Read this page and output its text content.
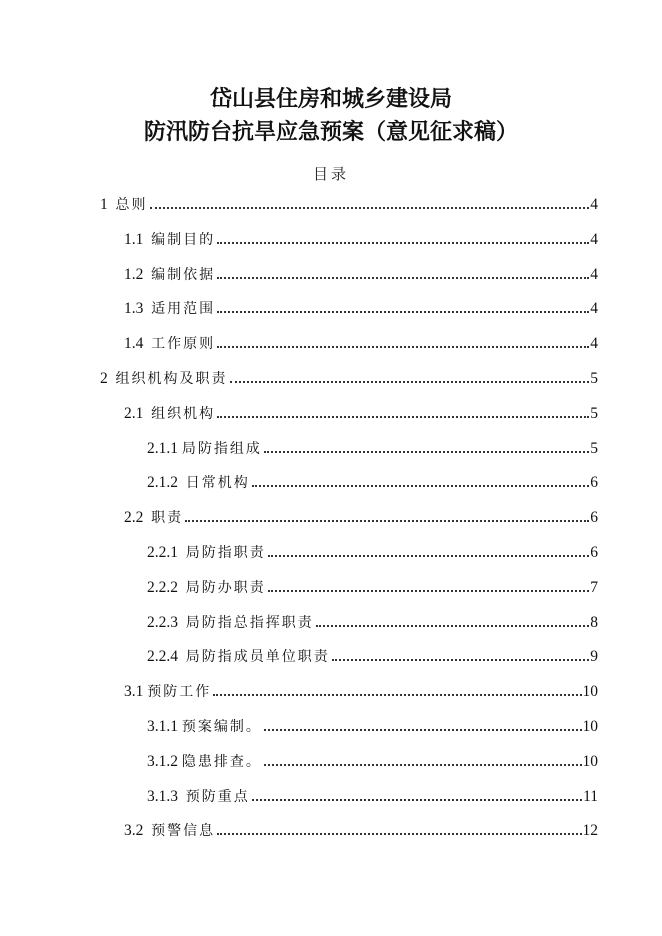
岱山县住房和城乡建设局
防汛防台抗旱应急预案（意见征求稿）
目录
1 总则	4
1.1 编制目的	4
1.2 编制依据	4
1.3 适用范围	4
1.4 工作原则	4
2 组织机构及职责	5
2.1 组织机构	5
2.1.1 局防指组成	5
2.1.2 日常机构	6
2.2 职责	6
2.2.1 局防指职责	6
2.2.2 局防办职责	7
2.2.3 局防指总指挥职责	8
2.2.4 局防指成员单位职责	9
3.1 预防工作	10
3.1.1 预案编制。	10
3.1.2 隐患排查。	10
3.1.3 预防重点	11
3.2 预警信息	12
